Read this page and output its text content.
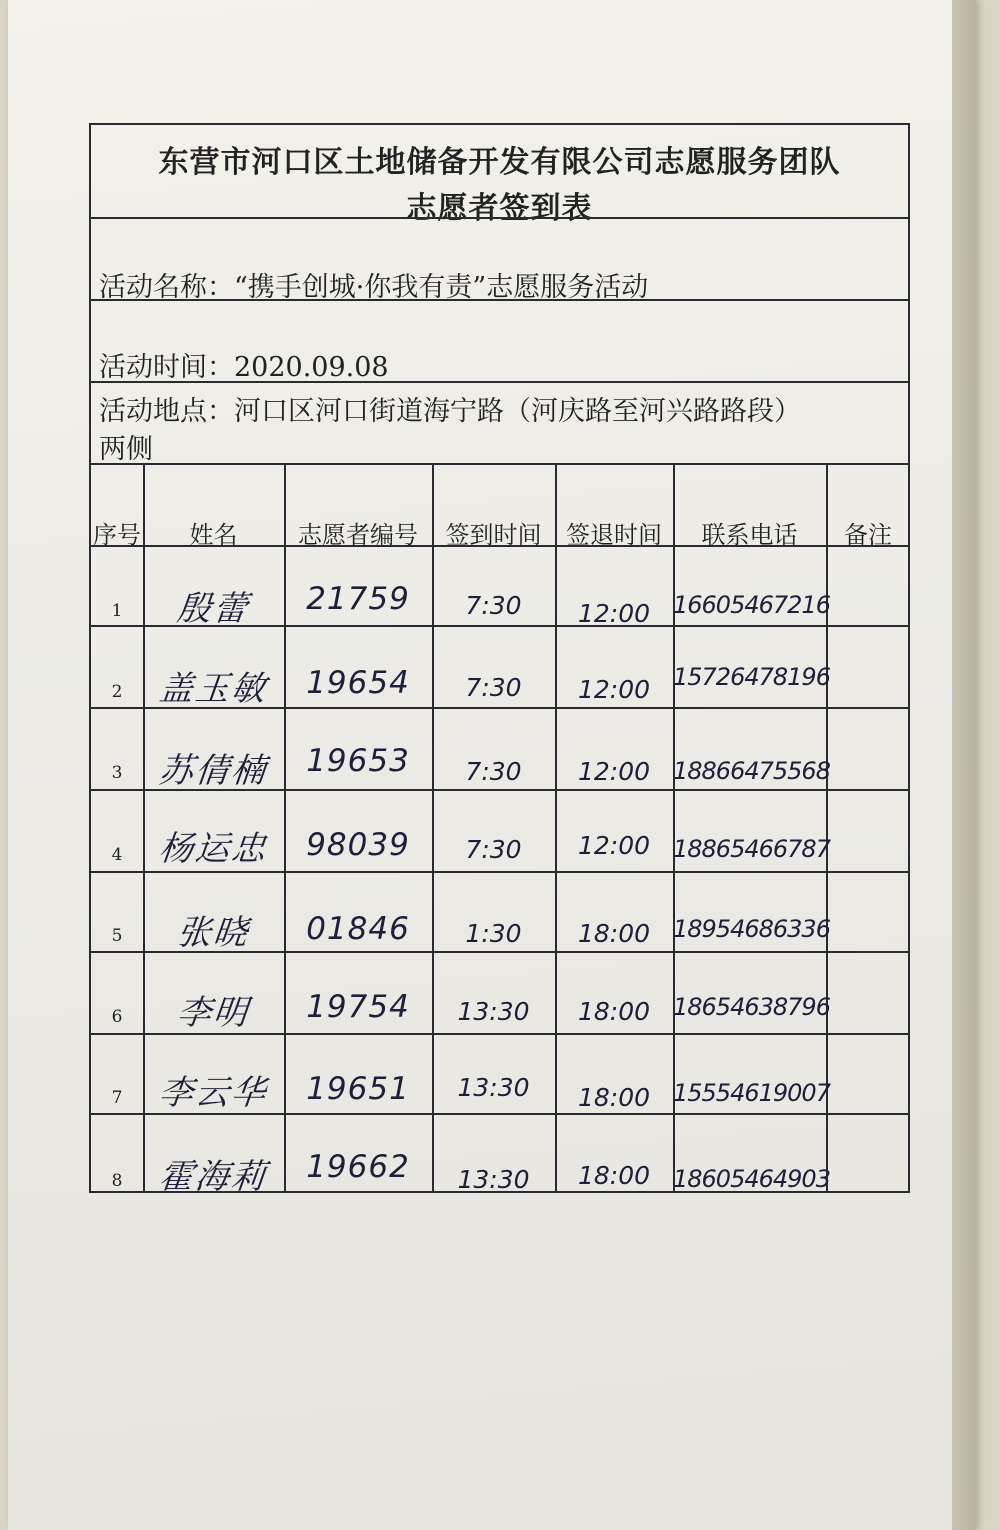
东营市河口区土地储备开发有限公司志愿服务团队
志愿者签到表
活动名称：“携手创城·你我有责”志愿服务活动
活动时间：2020.09.08
活动地点：河口区河口街道海宁路（河庆路至河兴路路段）
两侧
序号	姓名	志愿者编号	签到时间	签退时间	联系电话	备注
1	殷蕾	21759	7:30	12:00 16605467216
2	盖玉敏	19654	7:30	12:00 15726478196
3	苏倩楠	19653	7:30	12:00 18866475568
4	杨运忠	98039	7:30	12:00 18865466787
5	张晓	01846	1:30	18:00 18954686336
6	李明	19754	13:30	18:00 18654638796
7	李云华	19651	13:30	18:00 15554619007
8	霍海莉	19662	13:30	18:00 18605464903
